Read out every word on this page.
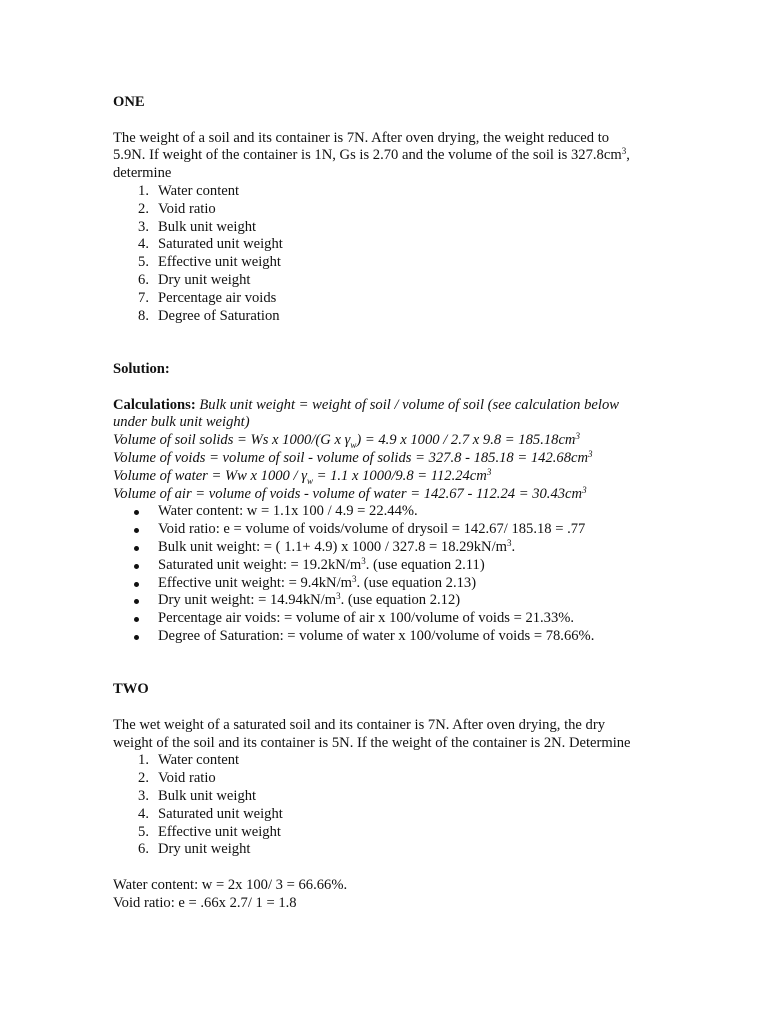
ONE

The weight of a soil and its container is 7N. After oven drying, the weight reduced to

5.9N. If weight of the container is 1N, Gs is 2.70 and the volume of the soil is $327.8cm^3$,

determine

1. Water content
2. Void ratio
3. Bulk unit weight
4. Saturated unit weight
5. Effective unit weight
6. Dry unit weight
7. Percentage air voids
8. Degree of Saturation

Solution:

Calculations: Bulk unit weight = weight of soil / volume of soil (see calculation below

under bulk unit weight)

Volume of soil solids = Ws x 1000/(G x $\gamma_w) = 4.9$ x 1000 / 2.7 x $9.8 = 185.18cm^3$

Volume of voids = volume of soil - volume of solids = $327.8 - 185.18 = 142.68cm^3$

Volume of water = Ww x $1000 / \gamma_w = 1.1$ x $1000/9.8 = 112.24cm^3$

Volume of air = volume of voids - volume of water = $142.67 - 112.24 = 30.43cm^3$

Water content: w = 1.1x 100 / 4.9 = 22.44%.
Void ratio: e = volume of voids/volume of drysoil = 142.67/ 185.18 = .77
Bulk unit weight: = ( 1.1+ 4.9) x $1000 / 327.8 = 18.29kN/m^3$.
Saturated unit weight: = $19.2kN/m^3$. (use equation 2.11)
Effective unit weight: = $9.4kN/m^3$. (use equation 2.13)
Dry unit weight: = $14.94kN/m^3$. (use equation 2.12)
Percentage air voids: = volume of air x 100/volume of voids = 21.33%.
Degree of Saturation: = volume of water x 100/volume of voids = 78.66%.

TWO

The wet weight of a saturated soil and its container is 7N. After oven drying, the dry

weight of the soil and its container is 5N. If the weight of the container is 2N. Determine

1. Water content
2. Void ratio
3. Bulk unit weight
4. Saturated unit weight
5. Effective unit weight
6. Dry unit weight

Water content: w = 2x 100/ 3 = 66.66%.

Void ratio: e = .66x 2.7/ 1 = 1.8
